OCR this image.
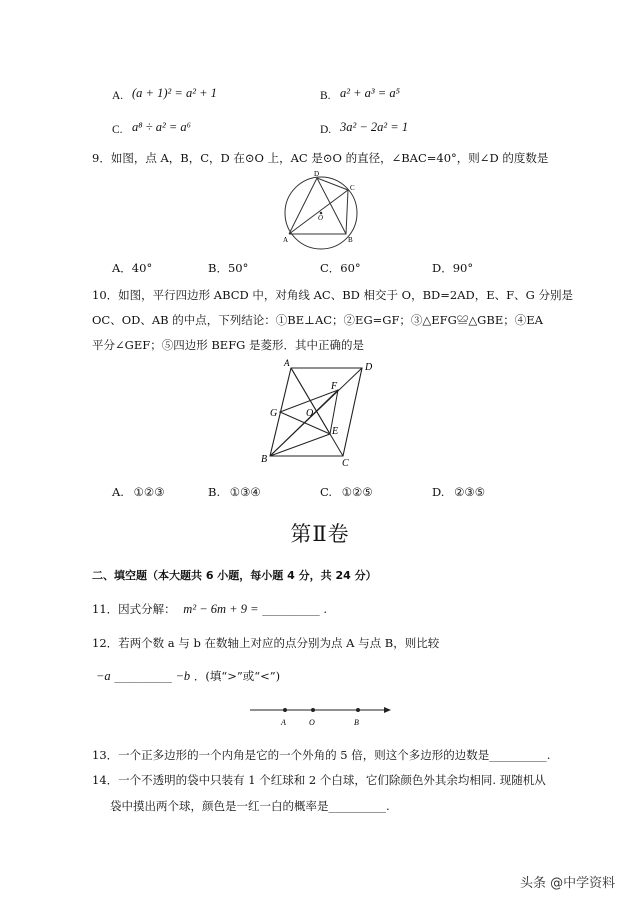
A. (a + 1)² = a² + 1	B. a² + a³ = a⁵
C. a⁸ ÷ a² = a⁶	D. 3a² − 2a² = 1
9．如图，点 A，B，C，D 在⊙O 上，AC 是⊙O 的直径，∠BAC=40°，则∠D 的度数是
D
C
O
A	B
A．40°	B．50°	C．60°	D．90°
10．如图，平行四边形 ABCD 中，对角线 AC、BD 相交于 O，BD=2AD，E、F、G 分别是
OC、OD、AB 的中点，下列结论：①BE⊥AC；②EG=GF；③△EFG≌△GBE；④EA
平分∠GEF；⑤四边形 BEFG 是菱形．其中正确的是
A	D
F
G	O
E
B	C
A. ①②③	B. ①③④	C. ①②⑤	D. ②③⑤
第Ⅱ卷
二、填空题（本大题共 6 小题，每小题 4 分，共 24 分）
11．因式分解： m² − 6m + 9 = __________ .
12．若两个数 a 与 b 在数轴上对应的点分别为点 A 与点 B，则比较
−a __________ −b ．(填“>”或“<”)
A	O	B
13．一个正多边形的一个内角是它的一个外角的 5 倍，则这个多边形的边数是__________.
14．一个不透明的袋中只装有 1 个红球和 2 个白球，它们除颜色外其余均相同. 现随机从
袋中摸出两个球，颜色是一红一白的概率是__________.
头条 @中学资料
